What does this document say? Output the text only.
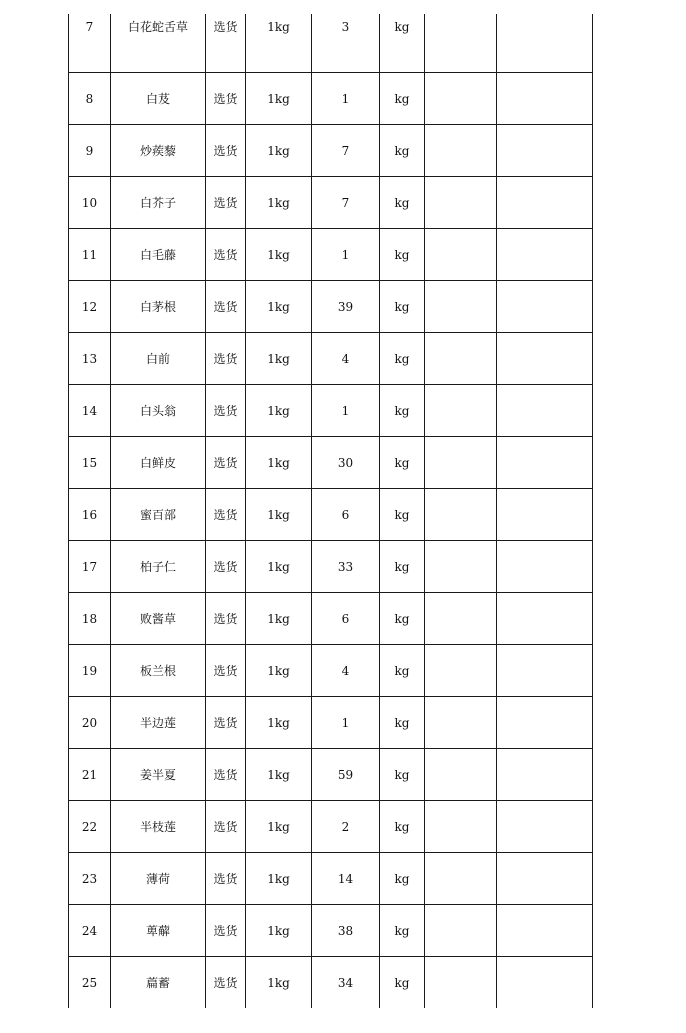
7	白花蛇舌草	选货	1kg	3	kg		
8	白芨	选货	1kg	1	kg		
9	炒蒺藜	选货	1kg	7	kg		
10	白芥子	选货	1kg	7	kg		
11	白毛藤	选货	1kg	1	kg		
12	白茅根	选货	1kg	39	kg		
13	白前	选货	1kg	4	kg		
14	白头翁	选货	1kg	1	kg		
15	白鲜皮	选货	1kg	30	kg		
16	蜜百部	选货	1kg	6	kg		
17	柏子仁	选货	1kg	33	kg		
18	败酱草	选货	1kg	6	kg		
19	板兰根	选货	1kg	4	kg		
20	半边莲	选货	1kg	1	kg		
21	姜半夏	选货	1kg	59	kg		
22	半枝莲	选货	1kg	2	kg		
23	薄荷	选货	1kg	14	kg		
24	萆薢	选货	1kg	38	kg		
25	萹蓄	选货	1kg	34	kg		
